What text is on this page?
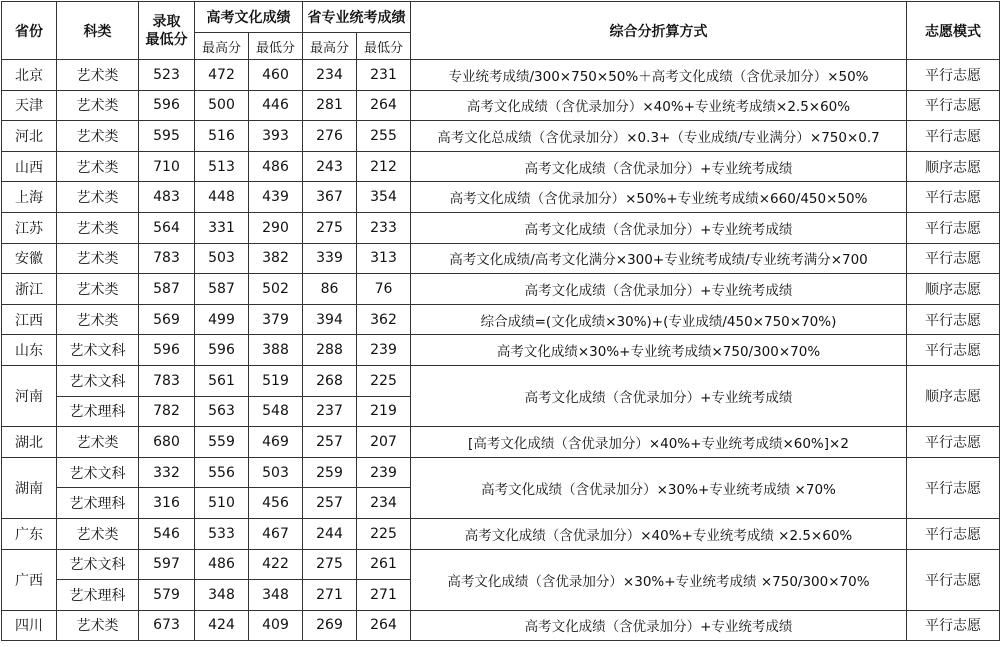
省份	科类	录取
最低分	高考文化成绩		省专业统考成绩		综合分折算方式	志愿模式
			最高分	最低分	最高分	最低分		
北京	艺术类	523	472	460	234	231	专业统考成绩/300×750×50%＋高考文化成绩（含优录加分）×50%	平行志愿
天津	艺术类	596	500	446	281	264	高考文化成绩（含优录加分）×40%+专业统考成绩×2.5×60%	平行志愿
河北	艺术类	595	516	393	276	255	高考文化总成绩（含优录加分）×0.3+（专业成绩/专业满分）×750×0.7	平行志愿
山西	艺术类	710	513	486	243	212	高考文化成绩（含优录加分）+专业统考成绩	顺序志愿
上海	艺术类	483	448	439	367	354	高考文化成绩（含优录加分）×50%+专业统考成绩×660/450×50%	平行志愿
江苏	艺术类	564	331	290	275	233	高考文化成绩（含优录加分）+专业统考成绩	平行志愿
安徽	艺术类	783	503	382	339	313	高考文化成绩/高考文化满分×300+专业统考成绩/专业统考满分×700	平行志愿
浙江	艺术类	587	587	502	86	76	高考文化成绩（含优录加分）+专业统考成绩	顺序志愿
江西	艺术类	569	499	379	394	362	综合成绩=(文化成绩×30%)+(专业成绩/450×750×70%)	平行志愿
山东	艺术文科	596	596	388	288	239	高考文化成绩×30%+专业统考成绩×750/300×70%	平行志愿
河南	艺术文科	783	561	519	268	225	高考文化成绩（含优录加分）+专业统考成绩	顺序志愿
	艺术理科	782	563	548	237	219		
湖北	艺术类	680	559	469	257	207	[高考文化成绩（含优录加分）×40%+专业统考成绩×60%]×2	平行志愿
湖南	艺术文科	332	556	503	259	239	高考文化成绩（含优录加分）×30%+专业统考成绩 ×70%	平行志愿
	艺术理科	316	510	456	257	234		
广东	艺术类	546	533	467	244	225	高考文化成绩（含优录加分）×40%+专业统考成绩 ×2.5×60%	平行志愿
广西	艺术文科	597	486	422	275	261	高考文化成绩（含优录加分）×30%+专业统考成绩 ×750/300×70%	平行志愿
	艺术理科	579	348	348	271	271		
四川	艺术类	673	424	409	269	264	高考文化成绩（含优录加分）+专业统考成绩	平行志愿
